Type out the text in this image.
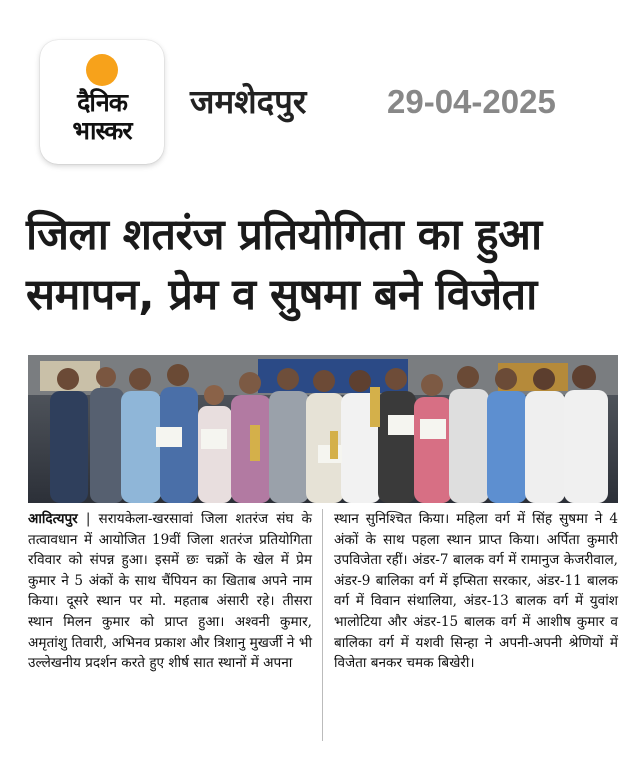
दैनिक
भास्कर
जमशेदपुर 29-04-2025
जिला शतरंज प्रतियोगिता का हुआ समापन, प्रेम व सुषमा बने विजेता
आदित्यपुर | सरायकेला-खरसावां जिला शतरंज संघ के तत्वावधान में आयोजित 19वीं जिला शतरंज प्रतियोगिता रविवार को संपन्न हुआ। इसमें छः चक्रों के खेल में प्रेम कुमार ने 5 अंकों के साथ चैंपियन का खिताब अपने नाम किया। दूसरे स्थान पर मो. महताब अंसारी रहे। तीसरा स्थान मिलन कुमार को प्राप्त हुआ। अश्वनी कुमार, अमृतांशु तिवारी, अभिनव प्रकाश और त्रिशानु मुखर्जी ने भी उल्लेखनीय प्रदर्शन करते हुए शीर्ष सात स्थानों में अपना
स्थान सुनिश्चित किया। महिला वर्ग में सिंह सुषमा ने 4 अंकों के साथ पहला स्थान प्राप्त किया। अर्पिता कुमारी उपविजेता रहीं। अंडर-7 बालक वर्ग में रामानुज केजरीवाल, अंडर-9 बालिका वर्ग में इप्सिता सरकार, अंडर-11 बालक वर्ग में विवान संथालिया, अंडर-13 बालक वर्ग में युवांश भालोटिया और अंडर-15 बालक वर्ग में आशीष कुमार व बालिका वर्ग में यशवी सिन्हा ने अपनी-अपनी श्रेणियों में विजेता बनकर चमक बिखेरी।
